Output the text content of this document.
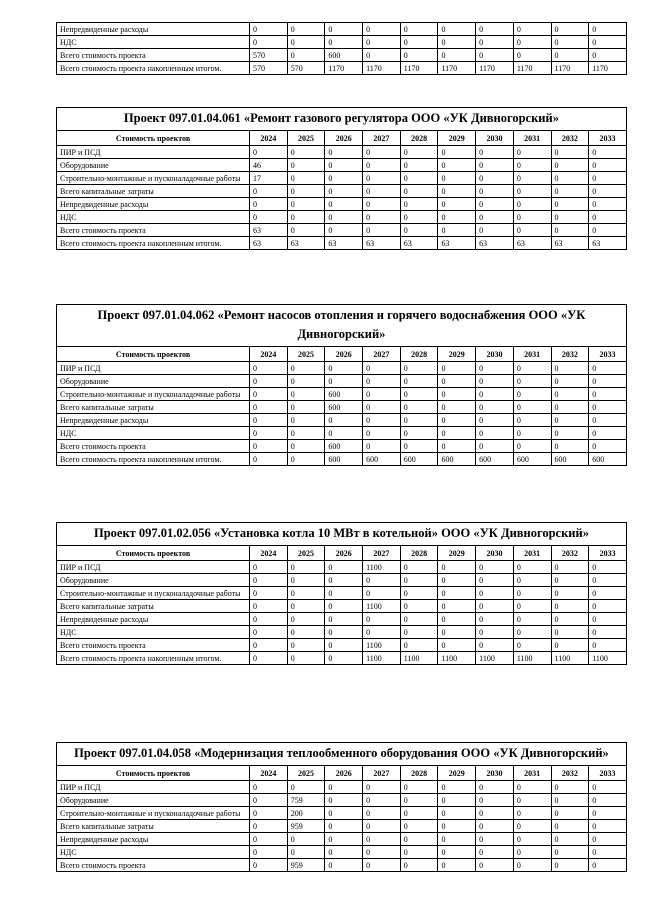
Непредвиденные расходы	0	0	0	0	0	0	0	0	0	0
НДС	0	0	0	0	0	0	0	0	0	0
Всего стоимость проекта	570	0	600	0	0	0	0	0	0	0
Всего стоимость проекта накопленным итогом.	570	570	1170	1170	1170	1170	1170	1170	1170	1170
Проект 097.01.04.061 «Ремонт газового регулятора ООО «УК Дивногорский»										
Стоимость проектов	2024	2025	2026	2027	2028	2029	2030	2031	2032	2033
ПИР и ПСД	0	0	0	0	0	0	0	0	0	0
Оборудование	46	0	0	0	0	0	0	0	0	0
Строительно-монтажные и пусконаладочные работы	17	0	0	0	0	0	0	0	0	0
Всего капитальные затраты	0	0	0	0	0	0	0	0	0	0
Непредвиденные расходы	0	0	0	0	0	0	0	0	0	0
НДС	0	0	0	0	0	0	0	0	0	0
Всего стоимость проекта	63	0	0	0	0	0	0	0	0	0
Всего стоимость проекта накопленным итогом.	63	63	63	63	63	63	63	63	63	63
Проект 097.01.04.062 «Ремонт насосов отопления и горячего водоснабжения ООО «УК Дивногорский»										
Стоимость проектов	2024	2025	2026	2027	2028	2029	2030	2031	2032	2033
ПИР и ПСД	0	0	0	0	0	0	0	0	0	0
Оборудование	0	0	0	0	0	0	0	0	0	0
Строительно-монтажные и пусконаладочные работы	0	0	600	0	0	0	0	0	0	0
Всего капитальные затраты	0	0	600	0	0	0	0	0	0	0
Непредвиденные расходы	0	0	0	0	0	0	0	0	0	0
НДС	0	0	0	0	0	0	0	0	0	0
Всего стоимость проекта	0	0	600	0	0	0	0	0	0	0
Всего стоимость проекта накопленным итогом.	0	0	600	600	600	600	600	600	600	600
Проект 097.01.02.056 «Установка котла 10 МВт в котельной» ООО «УК Дивногорский»										
Стоимость проектов	2024	2025	2026	2027	2028	2029	2030	2031	2032	2033
ПИР и ПСД	0	0	0	1100	0	0	0	0	0	0
Оборудование	0	0	0	0	0	0	0	0	0	0
Строительно-монтажные и пусконаладочные работы	0	0	0	0	0	0	0	0	0	0
Всего капитальные затраты	0	0	0	1100	0	0	0	0	0	0
Непредвиденные расходы	0	0	0	0	0	0	0	0	0	0
НДС	0	0	0	0	0	0	0	0	0	0
Всего стоимость проекта	0	0	0	1100	0	0	0	0	0	0
Всего стоимость проекта накопленным итогом.	0	0	0	1100	1100	1100	1100	1100	1100	1100
Проект 097.01.04.058 «Модернизация теплообменного оборудования ООО «УК Дивногорский»										
Стоимость проектов	2024	2025	2026	2027	2028	2029	2030	2031	2032	2033
ПИР и ПСД	0	0	0	0	0	0	0	0	0	0
Оборудование	0	759	0	0	0	0	0	0	0	0
Строительно-монтажные и пусконаладочные работы	0	200	0	0	0	0	0	0	0	0
Всего капитальные затраты	0	959	0	0	0	0	0	0	0	0
Непредвиденные расходы	0	0	0	0	0	0	0	0	0	0
НДС	0	0	0	0	0	0	0	0	0	0
Всего стоимость проекта	0	959	0	0	0	0	0	0	0	0
